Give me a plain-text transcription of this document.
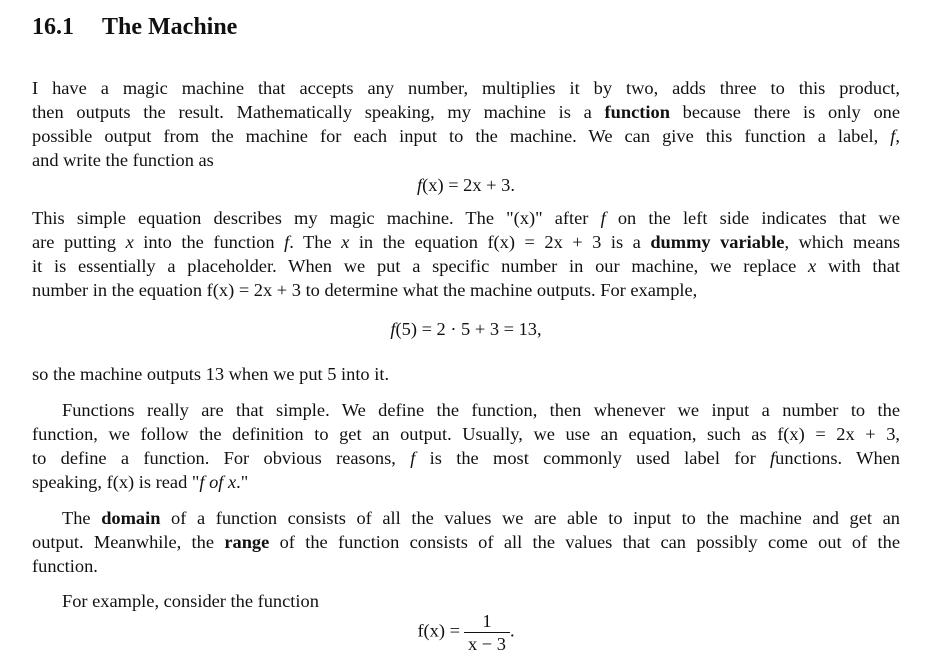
16.1 The Machine
I have a magic machine that accepts any number, multiplies it by two, adds three to this product,
then outputs the result. Mathematically speaking, my machine is a function because there is only one
possible output from the machine for each input to the machine. We can give this function a label, f,
and write the function as
f(x) = 2x + 3.
This simple equation describes my magic machine. The "(x)" after f on the left side indicates that we
are putting x into the function f. The x in the equation f(x) = 2x + 3 is a dummy variable, which means
it is essentially a placeholder. When we put a specific number in our machine, we replace x with that
number in the equation f(x) = 2x + 3 to determine what the machine outputs. For example,
f(5) = 2 · 5 + 3 = 13,
so the machine outputs 13 when we put 5 into it.
Functions really are that simple. We define the function, then whenever we input a number to the
function, we follow the definition to get an output. Usually, we use an equation, such as f(x) = 2x + 3,
to define a function. For obvious reasons, f is the most commonly used label for functions. When
speaking, f(x) is read "f of x."
The domain of a function consists of all the values we are able to input to the machine and get an
output. Meanwhile, the range of the function consists of all the values that can possibly come out of the
function.
For example, consider the function
$f(x) = \frac{1}{x - 3}$ .
